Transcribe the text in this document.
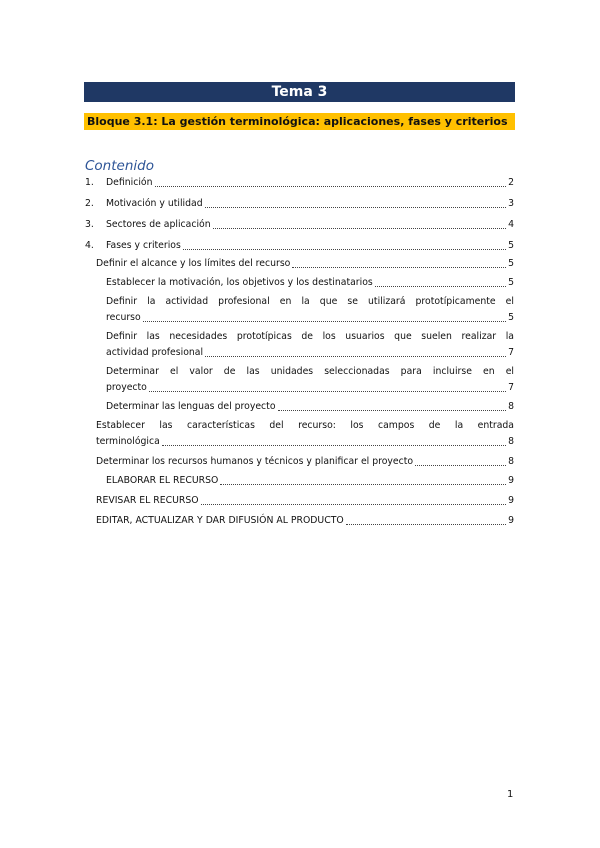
Tema 3
Bloque 3.1: La gestión terminológica: aplicaciones, fases y criterios
Contenido
1. Definición	2
2. Motivación y utilidad	3
3. Sectores de aplicación	4
4. Fases y criterios	5
Definir el alcance y los límites del recurso	5
Establecer la motivación, los objetivos y los destinatarios	5
Definir la actividad profesional en la que se utilizará prototípicamente el
recurso	5
Definir las necesidades prototípicas de los usuarios que suelen realizar la
actividad profesional	7
Determinar el valor de las unidades seleccionadas para incluirse en el
proyecto	7
Determinar las lenguas del proyecto	8
Establecer las características del recurso: los campos de la entrada
terminológica	8
Determinar los recursos humanos y técnicos y planificar el proyecto	8
ELABORAR EL RECURSO	9
REVISAR EL RECURSO	9
EDITAR, ACTUALIZAR Y DAR DIFUSIÓN AL PRODUCTO	9
1
